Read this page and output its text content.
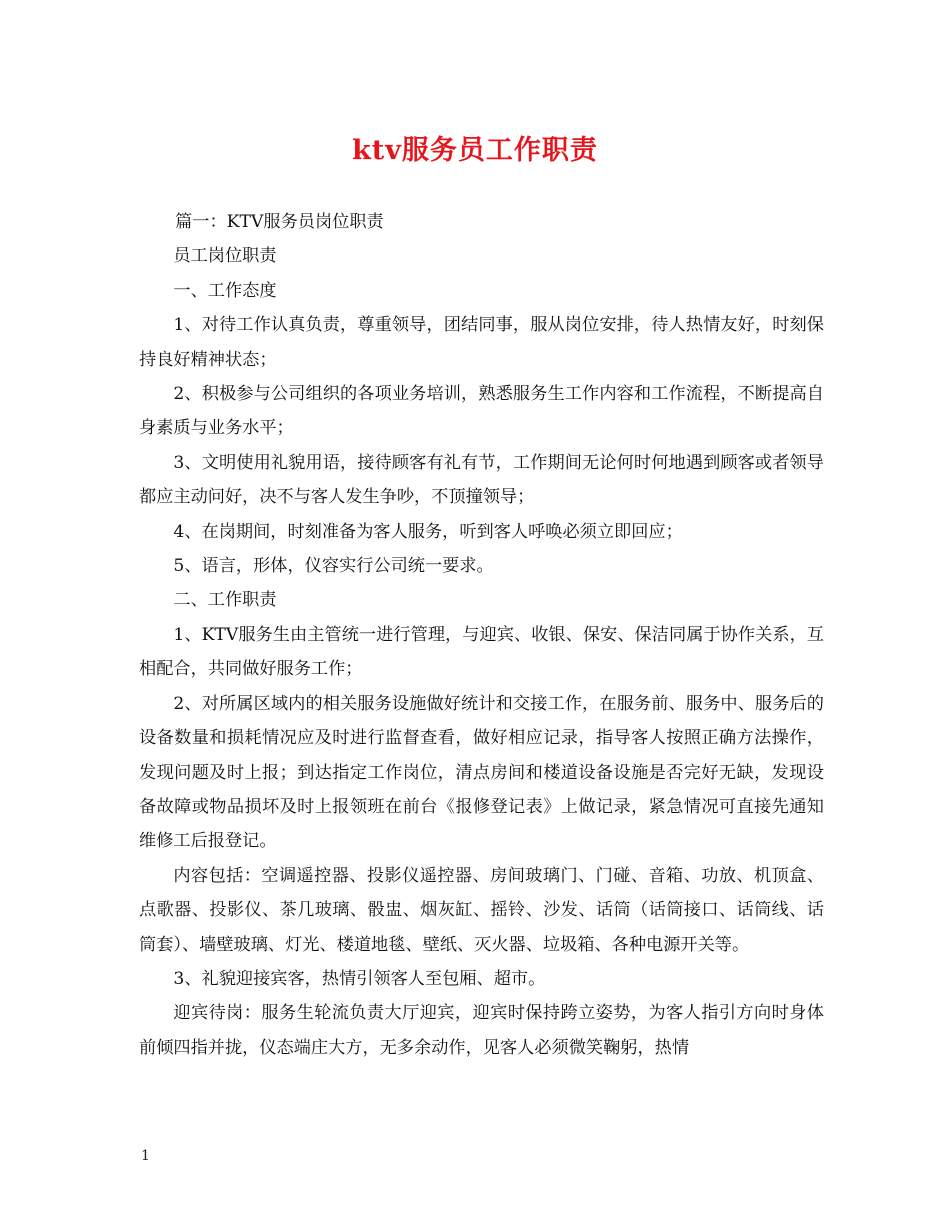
ktv服务员工作职责

篇一：KTV服务员岗位职责

员工岗位职责

一、工作态度

1、对待工作认真负责，尊重领导，团结同事，服从岗位安排，待人热情友好，时刻保持良好精神状态；

2、积极参与公司组织的各项业务培训，熟悉服务生工作内容和工作流程，不断提高自身素质与业务水平；

3、文明使用礼貌用语，接待顾客有礼有节，工作期间无论何时何地遇到顾客或者领导都应主动问好，决不与客人发生争吵，不顶撞领导；

4、在岗期间，时刻准备为客人服务，听到客人呼唤必须立即回应；

5、语言，形体，仪容实行公司统一要求。

二、工作职责

1、KTV服务生由主管统一进行管理，与迎宾、收银、保安、保洁同属于协作关系，互相配合，共同做好服务工作；

2、对所属区域内的相关服务设施做好统计和交接工作，在服务前、服务中、服务后的设备数量和损耗情况应及时进行监督查看，做好相应记录，指导客人按照正确方法操作，发现问题及时上报；到达指定工作岗位，清点房间和楼道设备设施是否完好无缺，发现设备故障或物品损坏及时上报领班在前台《报修登记表》上做记录，紧急情况可直接先通知维修工后报登记。

内容包括：空调遥控器、投影仪遥控器、房间玻璃门、门碰、音箱、功放、机顶盒、点歌器、投影仪、茶几玻璃、骰盅、烟灰缸、摇铃、沙发、话筒（话筒接口、话筒线、话筒套）、墙壁玻璃、灯光、楼道地毯、壁纸、灭火器、垃圾箱、各种电源开关等。

3、礼貌迎接宾客，热情引领客人至包厢、超市。

迎宾待岗：服务生轮流负责大厅迎宾，迎宾时保持跨立姿势，为客人指引方向时身体前倾四指并拢，仪态端庄大方，无多余动作，见客人必须微笑鞠躬，热情

1
